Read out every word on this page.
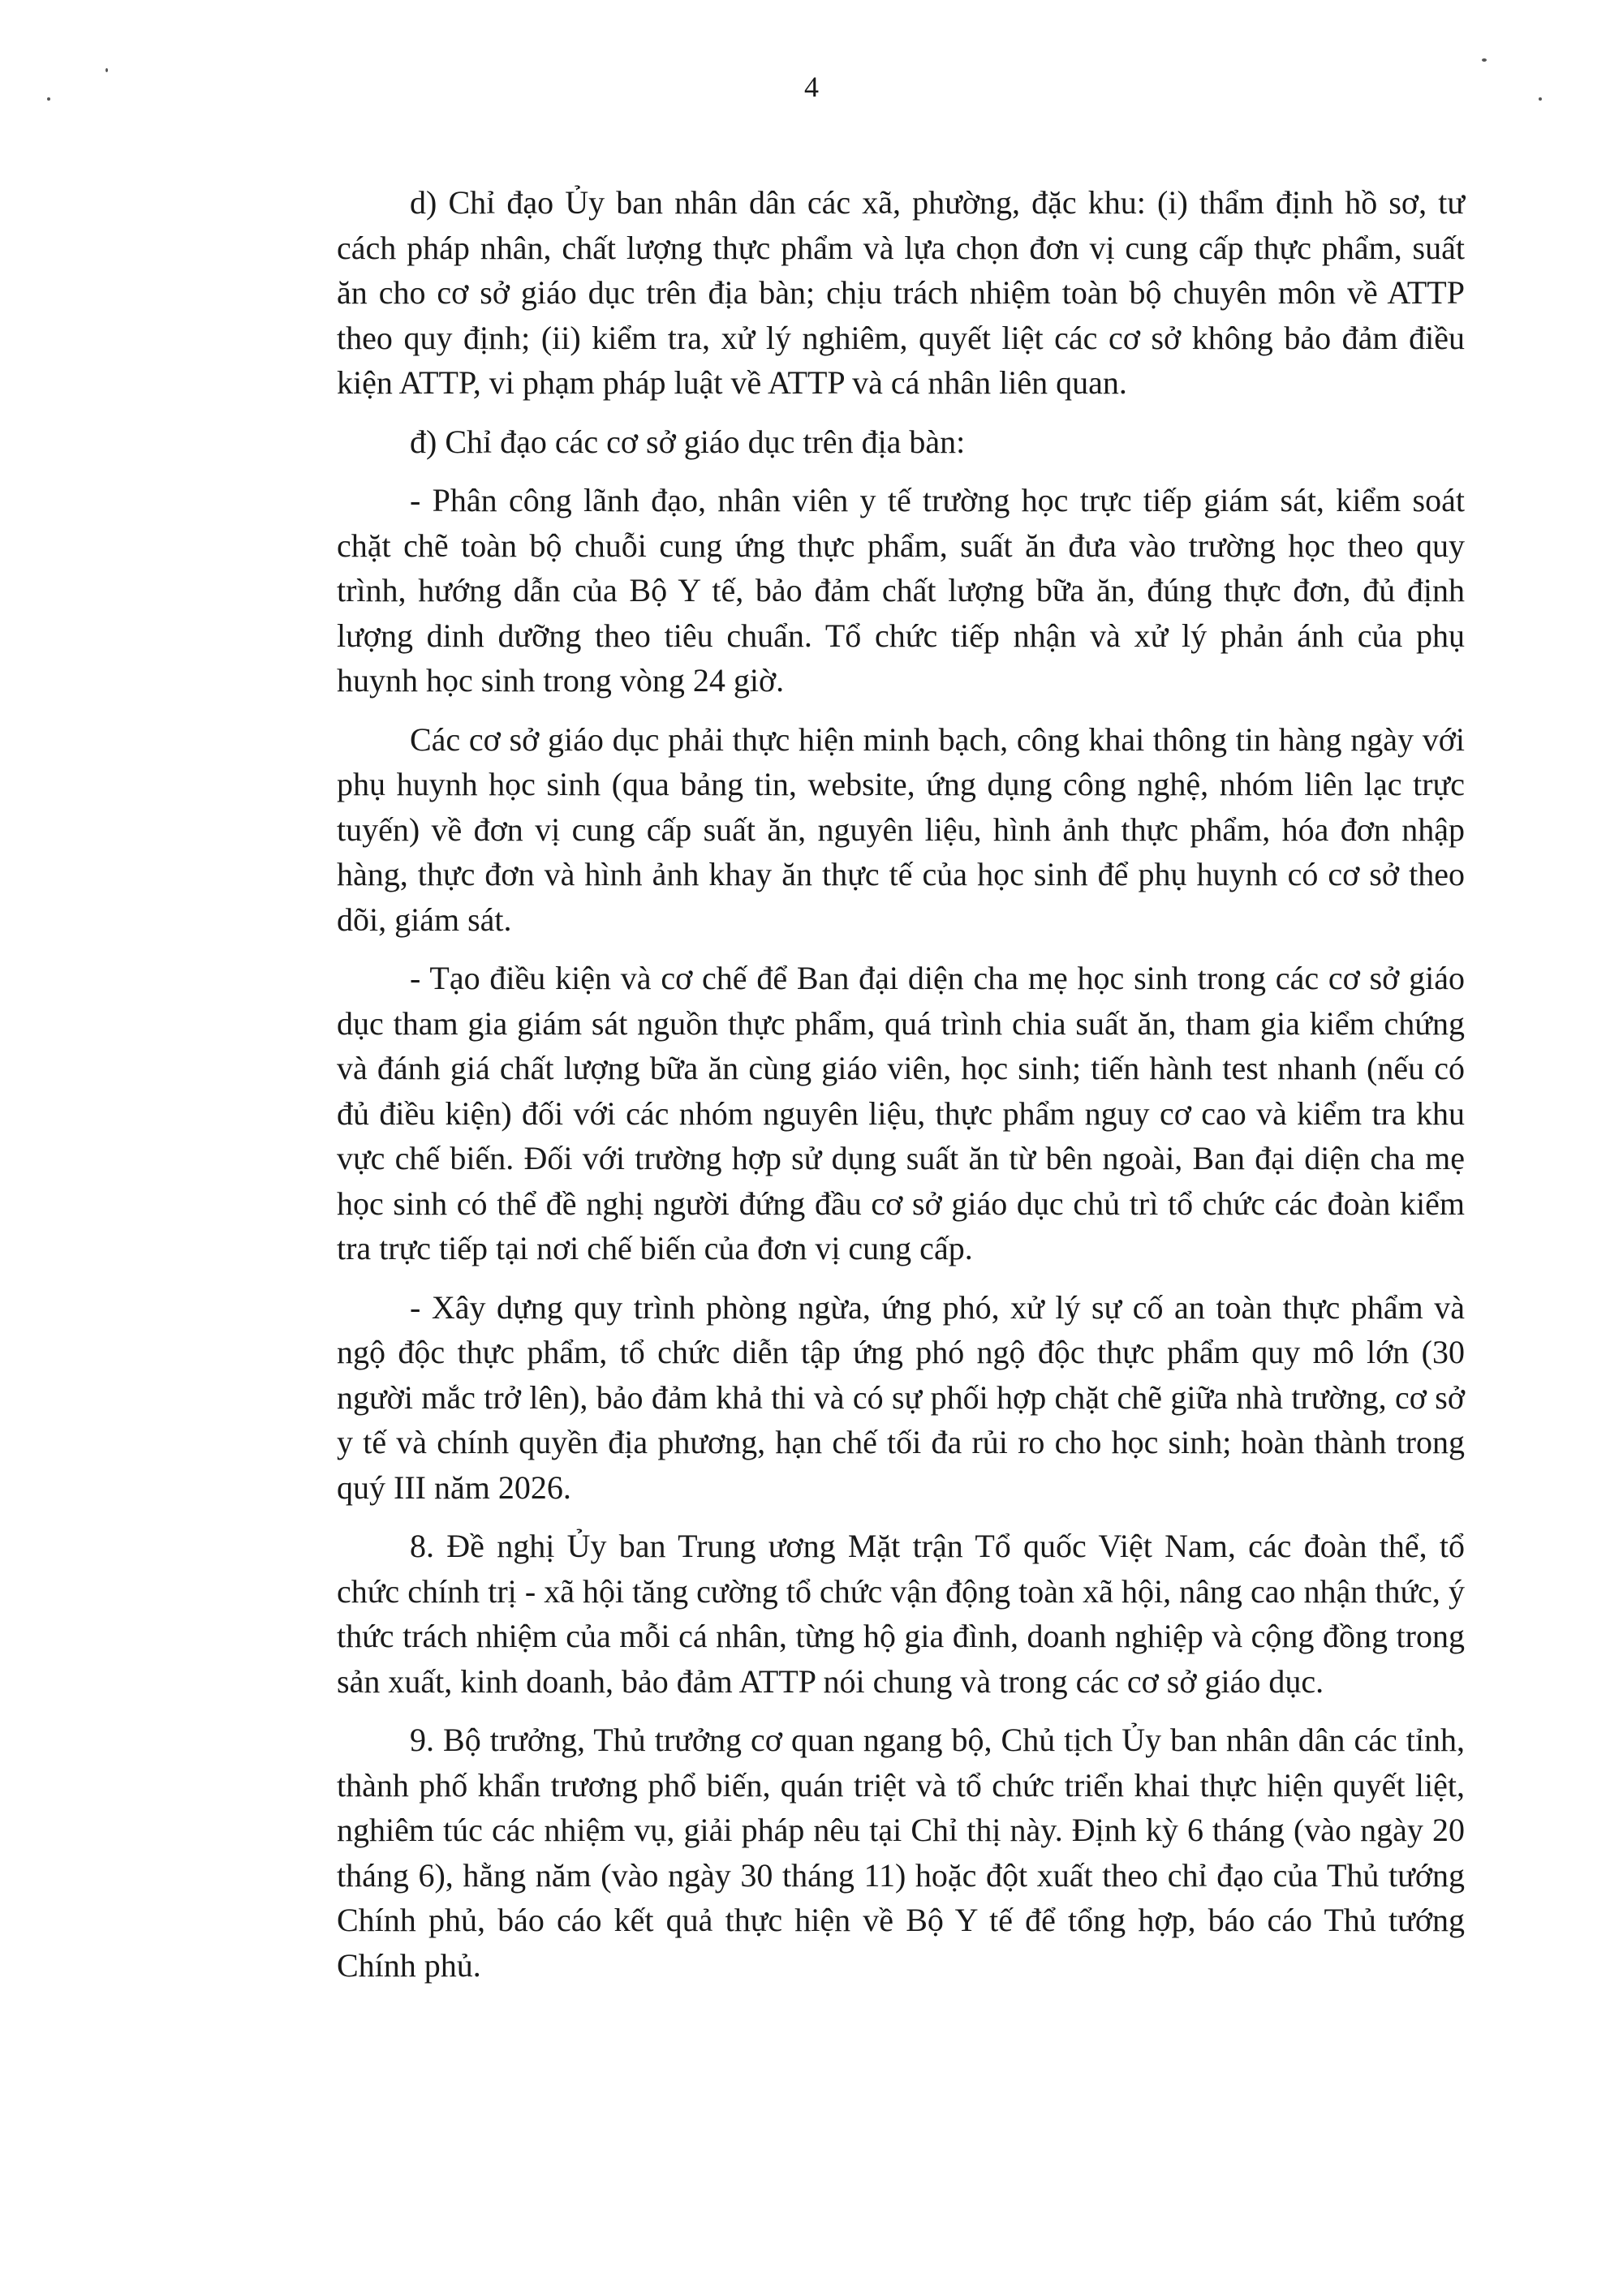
4

d) Chỉ đạo Ủy ban nhân dân các xã, phường, đặc khu: (i) thẩm định hồ sơ, tư cách pháp nhân, chất lượng thực phẩm và lựa chọn đơn vị cung cấp thực phẩm, suất ăn cho cơ sở giáo dục trên địa bàn; chịu trách nhiệm toàn bộ chuyên môn về ATTP theo quy định; (ii) kiểm tra, xử lý nghiêm, quyết liệt các cơ sở không bảo đảm điều kiện ATTP, vi phạm pháp luật về ATTP và cá nhân liên quan.

đ) Chỉ đạo các cơ sở giáo dục trên địa bàn:

- Phân công lãnh đạo, nhân viên y tế trường học trực tiếp giám sát, kiểm soát chặt chẽ toàn bộ chuỗi cung ứng thực phẩm, suất ăn đưa vào trường học theo quy trình, hướng dẫn của Bộ Y tế, bảo đảm chất lượng bữa ăn, đúng thực đơn, đủ định lượng dinh dưỡng theo tiêu chuẩn. Tổ chức tiếp nhận và xử lý phản ánh của phụ huynh học sinh trong vòng 24 giờ.

Các cơ sở giáo dục phải thực hiện minh bạch, công khai thông tin hàng ngày với phụ huynh học sinh (qua bảng tin, website, ứng dụng công nghệ, nhóm liên lạc trực tuyến) về đơn vị cung cấp suất ăn, nguyên liệu, hình ảnh thực phẩm, hóa đơn nhập hàng, thực đơn và hình ảnh khay ăn thực tế của học sinh để phụ huynh có cơ sở theo dõi, giám sát.

- Tạo điều kiện và cơ chế để Ban đại diện cha mẹ học sinh trong các cơ sở giáo dục tham gia giám sát nguồn thực phẩm, quá trình chia suất ăn, tham gia kiểm chứng và đánh giá chất lượng bữa ăn cùng giáo viên, học sinh; tiến hành test nhanh (nếu có đủ điều kiện) đối với các nhóm nguyên liệu, thực phẩm nguy cơ cao và kiểm tra khu vực chế biến. Đối với trường hợp sử dụng suất ăn từ bên ngoài, Ban đại diện cha mẹ học sinh có thể đề nghị người đứng đầu cơ sở giáo dục chủ trì tổ chức các đoàn kiểm tra trực tiếp tại nơi chế biến của đơn vị cung cấp.

- Xây dựng quy trình phòng ngừa, ứng phó, xử lý sự cố an toàn thực phẩm và ngộ độc thực phẩm, tổ chức diễn tập ứng phó ngộ độc thực phẩm quy mô lớn (30 người mắc trở lên), bảo đảm khả thi và có sự phối hợp chặt chẽ giữa nhà trường, cơ sở y tế và chính quyền địa phương, hạn chế tối đa rủi ro cho học sinh; hoàn thành trong quý III năm 2026.

8. Đề nghị Ủy ban Trung ương Mặt trận Tổ quốc Việt Nam, các đoàn thể, tổ chức chính trị - xã hội tăng cường tổ chức vận động toàn xã hội, nâng cao nhận thức, ý thức trách nhiệm của mỗi cá nhân, từng hộ gia đình, doanh nghiệp và cộng đồng trong sản xuất, kinh doanh, bảo đảm ATTP nói chung và trong các cơ sở giáo dục.

9. Bộ trưởng, Thủ trưởng cơ quan ngang bộ, Chủ tịch Ủy ban nhân dân các tỉnh, thành phố khẩn trương phổ biến, quán triệt và tổ chức triển khai thực hiện quyết liệt, nghiêm túc các nhiệm vụ, giải pháp nêu tại Chỉ thị này. Định kỳ 6 tháng (vào ngày 20 tháng 6), hằng năm (vào ngày 30 tháng 11) hoặc đột xuất theo chỉ đạo của Thủ tướng Chính phủ, báo cáo kết quả thực hiện về Bộ Y tế để tổng hợp, báo cáo Thủ tướng Chính phủ.
